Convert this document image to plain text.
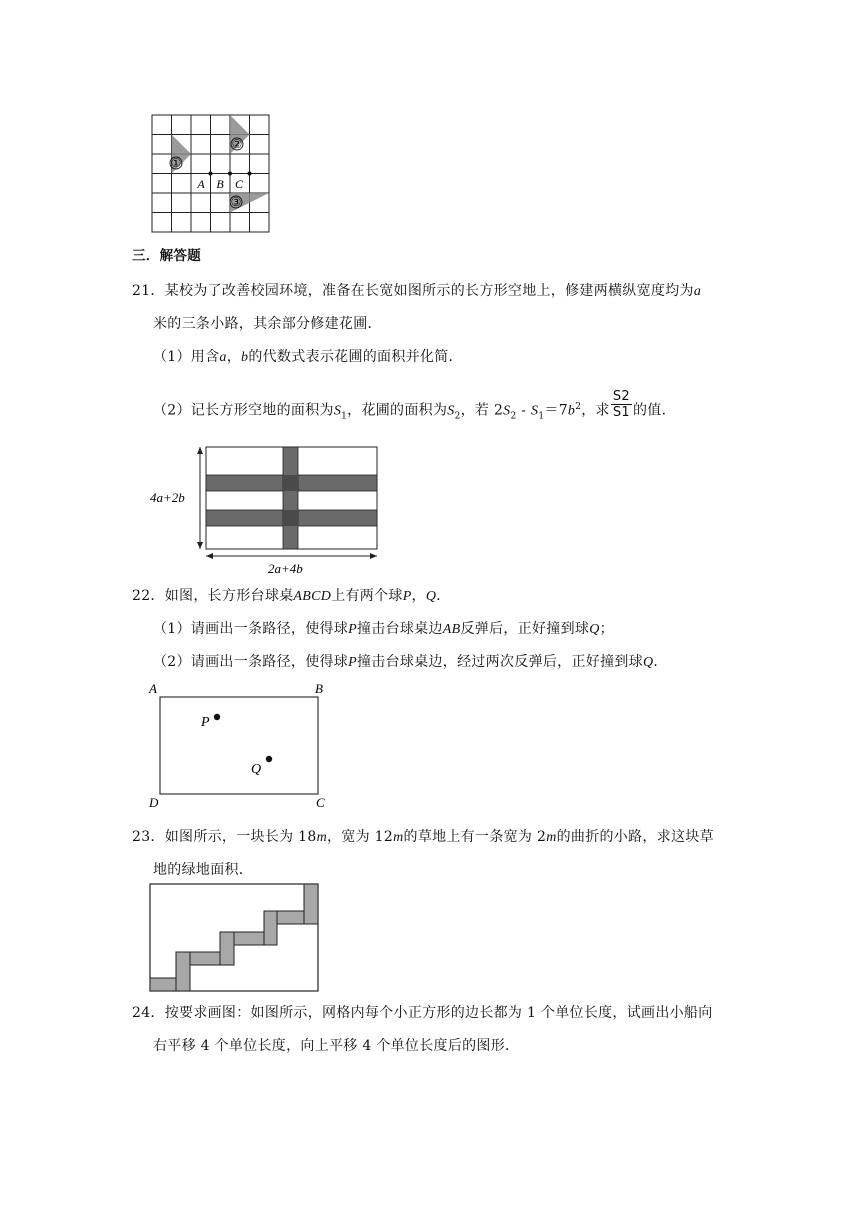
①
②
③
A B C
三．解答题
21．某校为了改善校园环境，准备在长宽如图所示的长方形空地上，修建两横纵宽度均为a
米的三条小路，其余部分修建花圃．
（1）用含a，b的代数式表示花圃的面积并化简．
（2）记长方形空地的面积为$S_1$，花圃的面积为$S_2$，若 $2S_2 - S_1=7b^2$，求 $\frac{S2}{S1}$ 的值．
4a+2b
2a+4b
22．如图，长方形台球桌ABCD上有两个球P，Q．
（1）请画出一条路径，使得球P撞击台球桌边AB反弹后，正好撞到球Q；
（2）请画出一条路径，使得球P撞击台球桌边，经过两次反弹后，正好撞到球Q．
A	B
C
D
P
Q
23．如图所示，一块长为 18m，宽为 12m的草地上有一条宽为 2m的曲折的小路，求这块草
地的绿地面积．
24．按要求画图：如图所示，网格内每个小正方形的边长都为 1 个单位长度，试画出小船向
右平移 4 个单位长度，向上平移 4 个单位长度后的图形．
